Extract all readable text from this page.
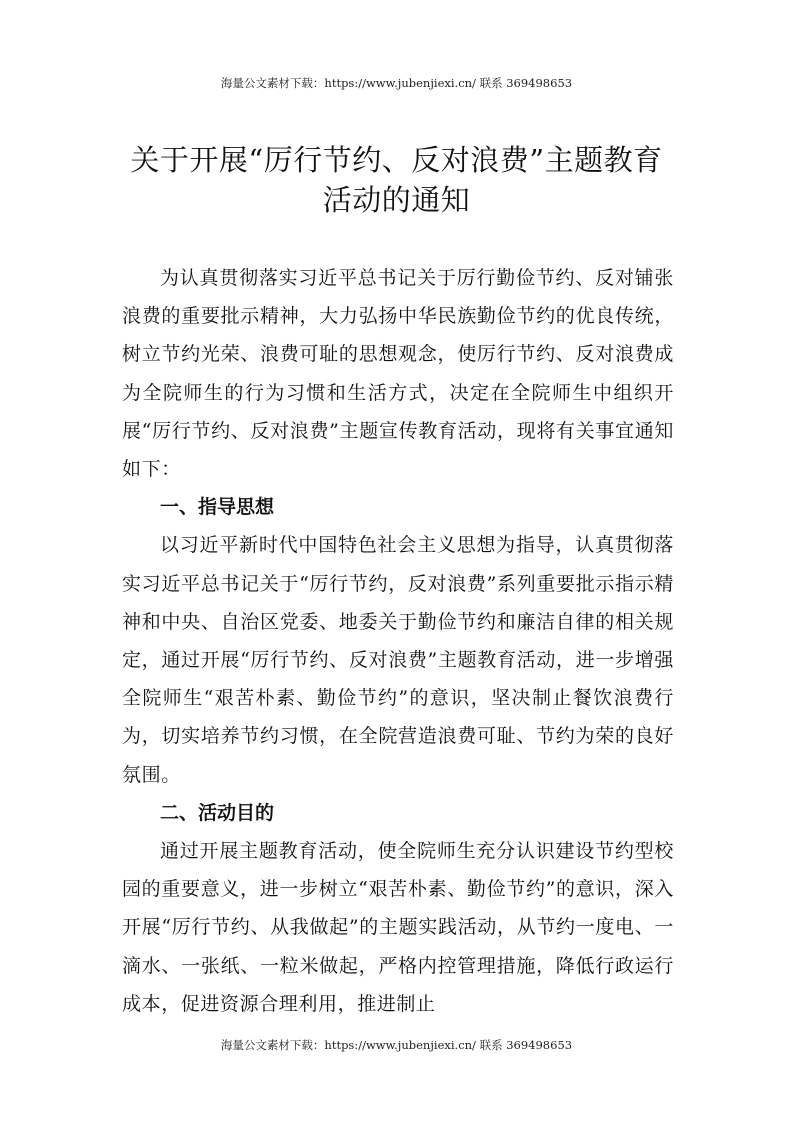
海量公文素材下载：https://www.jubenjiexi.cn/ 联系 369498653
关于开展“厉行节约、反对浪费”主题教育
活动的通知

为认真贯彻落实习近平总书记关于厉行勤俭节约、反对铺张浪费的重要批示精神，大力弘扬中华民族勤俭节约的优良传统，树立节约光荣、浪费可耻的思想观念，使厉行节约、反对浪费成为全院师生的行为习惯和生活方式，决定在全院师生中组织开展“厉行节约、反对浪费”主题宣传教育活动，现将有关事宜通知如下：

一、指导思想

以习近平新时代中国特色社会主义思想为指导，认真贯彻落实习近平总书记关于“厉行节约，反对浪费”系列重要批示指示精神和中央、自治区党委、地委关于勤俭节约和廉洁自律的相关规定，通过开展“厉行节约、反对浪费”主题教育活动，进一步增强全院师生“艰苦朴素、勤俭节约”的意识，坚决制止餐饮浪费行为，切实培养节约习惯，在全院营造浪费可耻、节约为荣的良好氛围。

二、活动目的

通过开展主题教育活动，使全院师生充分认识建设节约型校园的重要意义，进一步树立“艰苦朴素、勤俭节约”的意识，深入开展“厉行节约、从我做起”的主题实践活动，从节约一度电、一滴水、一张纸、一粒米做起，严格内控管理措施，降低行政运行成本，促进资源合理利用，推进制止

海量公文素材下载：https://www.jubenjiexi.cn/ 联系 369498653
